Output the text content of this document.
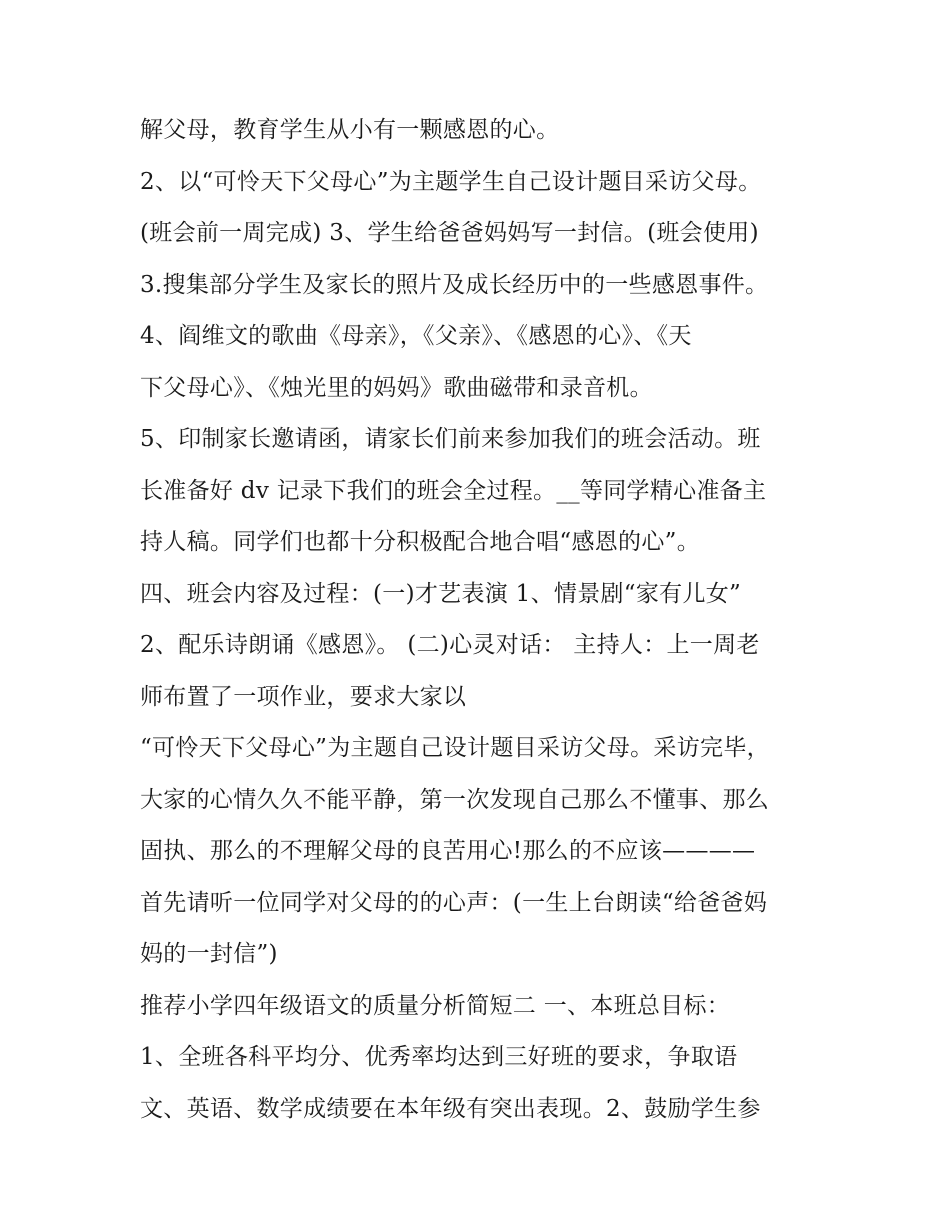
解父母，教育学生从小有一颗感恩的心。
2、以“可怜天下父母心”为主题学生自己设计题目采访父母。
(班会前一周完成) 3、学生给爸爸妈妈写一封信。(班会使用)
3.搜集部分学生及家长的照片及成长经历中的一些感恩事件。
4、阎维文的歌曲《母亲》，《父亲》、《感恩的心》、《天
下父母心》、《烛光里的妈妈》歌曲磁带和录音机。
5、印制家长邀请函，请家长们前来参加我们的班会活动。班
长准备好 dv 记录下我们的班会全过程。__等同学精心准备主
持人稿。同学们也都十分积极配合地合唱“感恩的心”。
四、班会内容及过程：(一)才艺表演 1、情景剧“家有儿女”
2、配乐诗朗诵《感恩》。 (二)心灵对话： 主持人：上一周老
师布置了一项作业，要求大家以
“可怜天下父母心”为主题自己设计题目采访父母。采访完毕，
大家的心情久久不能平静，第一次发现自己那么不懂事、那么
固执、那么的不理解父母的良苦用心!那么的不应该————
首先请听一位同学对父母的的心声：(一生上台朗读“给爸爸妈
妈的一封信”)
推荐小学四年级语文的质量分析简短二 一、本班总目标：
1、全班各科平均分、优秀率均达到三好班的要求，争取语
文、英语、数学成绩要在本年级有突出表现。2、鼓励学生参
